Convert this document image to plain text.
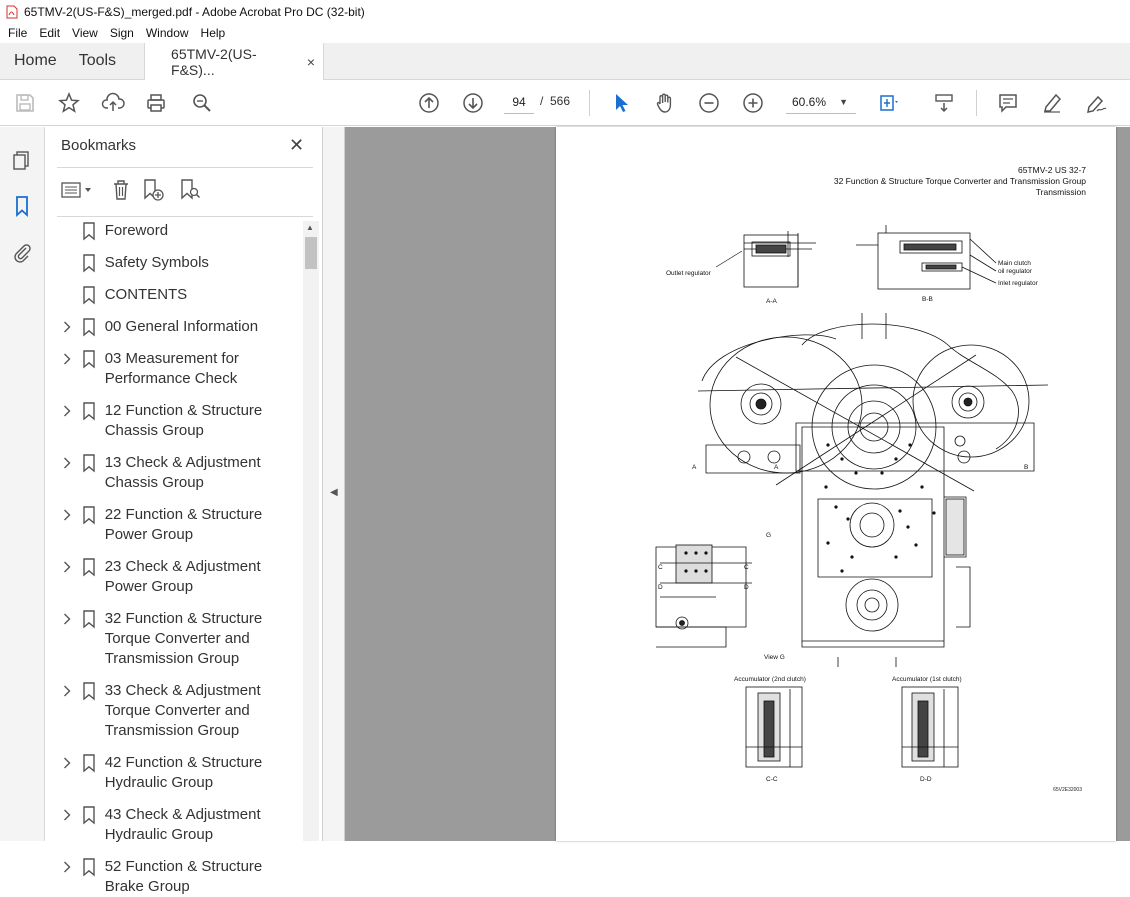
65TMV-2(US-F&S)_merged.pdf - Adobe Acrobat Pro DC (32-bit)
File	Edit	View	Sign	Window	Help
Home	Tools	65TMV-2(US-F&S)...	×
94	/ 566	60.6% ▼
Bookmarks	✕
Foreword
Safety Symbols
CONTENTS
00 General Information
03 Measurement for Performance Check
12 Function & Structure Chassis Group
13 Check & Adjustment Chassis Group
22 Function & Structure Power Group
23 Check & Adjustment Power Group
32 Function & Structure Torque Converter and Transmission Group
33 Check & Adjustment Torque Converter and Transmission Group
42 Function & Structure Hydraulic Group
43 Check & Adjustment Hydraulic Group
52 Function & Structure Brake Group
▲
◀
65TMV-2 US 32-7
32 Function & Structure Torque Converter and Transmission Group
Transmission
Outlet regulator
Main clutch
oil regulator
Inlet regulator
A-A	B-B
View G
G
A	A	B
C	C
D	D
Accumulator (2nd clutch)	Accumulator (1st clutch)
C-C	D-D
65V2E32003
